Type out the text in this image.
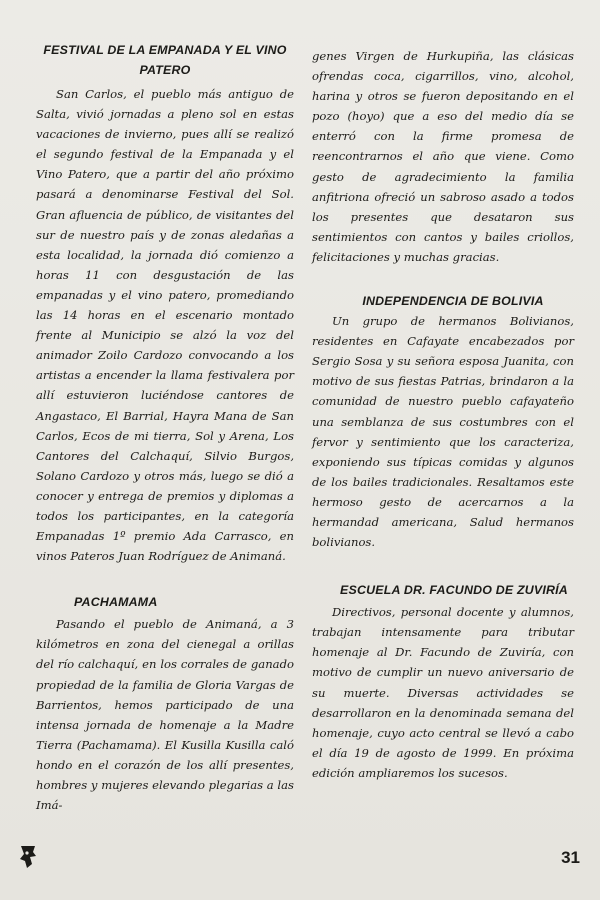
FESTIVAL DE LA EMPANADA Y EL VINO PATERO

San Carlos, el pueblo más antiguo de Salta, vivió jornadas a pleno sol en estas vacaciones de invierno, pues allí se realizó el segundo festival de la Empanada y el Vino Patero, que a partir del año próximo pasará a denominarse Festival del Sol. Gran afluencia de público, de visitantes del sur de nuestro país y de zonas aledañas a esta localidad, la jornada dió comienzo a horas 11 con desgustación de las empanadas y el vino patero, promediando las 14 horas en el escenario montado frente al Municipio se alzó la voz del animador Zoilo Cardozo convocando a los artistas a encender la llama festivalera por allí estuvieron luciéndose cantores de Angastaco, El Barrial, Hayra Mana de San Carlos, Ecos de mi tierra, Sol y Arena, Los Cantores del Calchaquí, Silvio Burgos, Solano Cardozo y otros más, luego se dió a conocer y entrega de premios y diplomas a todos los participantes, en la categoría Empanadas 1º premio Ada Carrasco, en vinos Pateros Juan Rodríguez de Animaná.

PACHAMAMA

Pasando el pueblo de Animaná, a 3 kilómetros en zona del cienegal a orillas del río calchaquí, en los corrales de ganado propiedad de la familia de Gloria Vargas de Barrientos, hemos participado de una intensa jornada de homenaje a la Madre Tierra (Pachamama). El Kusilla Kusilla caló hondo en el corazón de los allí presentes, hombres y mujeres elevando plegarias a las Imá-

genes Virgen de Hurkupiña, las clásicas ofrendas coca, cigarrillos, vino, alcohol, harina y otros se fueron depositando en el pozo (hoyo) que a eso del medio día se enterró con la firme promesa de reencontrarnos el año que viene. Como gesto de agradecimiento la familia anfitriona ofreció un sabroso asado a todos los presentes que desataron sus sentimientos con cantos y bailes criollos, felicitaciones y muchas gracias.

INDEPENDENCIA DE BOLIVIA

Un grupo de hermanos Bolivianos, residentes en Cafayate encabezados por Sergio Sosa y su señora esposa Juanita, con motivo de sus fiestas Patrias, brindaron a la comunidad de nuestro pueblo cafayateño una semblanza de sus costumbres con el fervor y sentimiento que los caracteriza, exponiendo sus típicas comidas y algunos de los bailes tradicionales. Resaltamos este hermoso gesto de acercarnos a la hermandad americana, Salud hermanos bolivianos.

ESCUELA DR. FACUNDO DE ZUVIRÍA

Directivos, personal docente y alumnos, trabajan intensamente para tributar homenaje al Dr. Facundo de Zuviría, con motivo de cumplir un nuevo aniversario de su muerte. Diversas actividades se desarrollaron en la denominada semana del homenaje, cuyo acto central se llevó a cabo el día 19 de agosto de 1999. En próxima edición ampliaremos los sucesos.

31
